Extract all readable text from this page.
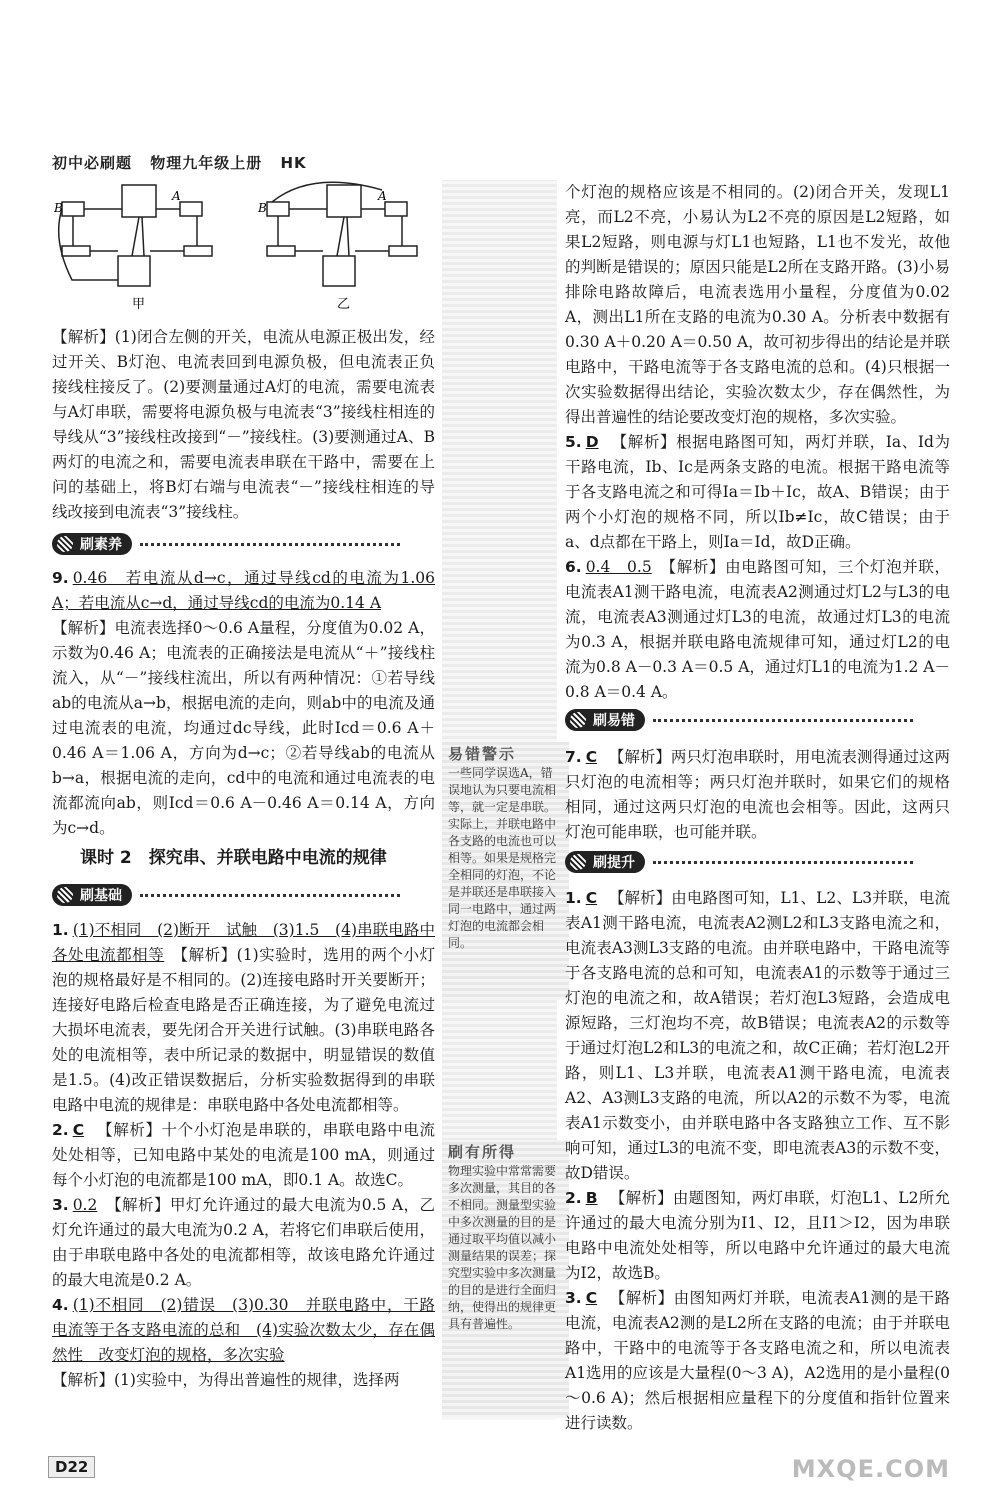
初中必刷题 物理九年级上册 HK
B
A
甲
B
A
乙

【解析】(1)闭合左侧的开关，电流从电源正极出发，经过开关、B灯泡、电流表回到电源负极，但电流表正负接线柱接反了。(2)要测量通过A灯的电流，需要电流表与A灯串联，需要将电源负极与电流表“3”接线柱相连的导线从“3”接线柱改接到“－”接线柱。(3)要测通过A、B两灯的电流之和，需要电流表串联在干路中，需要在上问的基础上，将B灯右端与电流表“－”接线柱相连的导线改接到电流表“3”接线柱。

刷素养

9. 0.46　若电流从d→c，通过导线cd的电流为1.06 A；若电流从c→d，通过导线cd的电流为0.14 A

【解析】电流表选择0～0.6 A量程，分度值为0.02 A，示数为0.46 A；电流表的正确接法是电流从“＋”接线柱流入，从“－”接线柱流出，所以有两种情况：①若导线ab的电流从a→b，根据电流的走向，则ab中的电流及通过电流表的电流，均通过dc导线，此时Icd＝0.6 A＋0.46 A＝1.06 A，方向为d→c；②若导线ab的电流从b→a，根据电流的走向，cd中的电流和通过电流表的电流都流向ab，则Icd＝0.6 A－0.46 A＝0.14 A，方向为c→d。

课时 2　探究串、并联电路中电流的规律
刷基础

1. (1)不相同　(2)断开　试触　(3)1.5　(4)串联电路中各处电流都相等　 【解析】(1)实验时，选用的两个小灯泡的规格最好是不相同的。(2)连接电路时开关要断开；连接好电路后检查电路是否正确连接，为了避免电流过大损坏电流表，要先闭合开关进行试触。(3)串联电路各处的电流相等，表中所记录的数据中，明显错误的数值是1.5。(4)改正错误数据后，分析实验数据得到的串联电路中电流的规律是：串联电路中各处电流都相等。

2. C　 【解析】十个小灯泡是串联的，串联电路中电流处处相等，已知电路中某处的电流是100 mA，则通过每个小灯泡的电流都是100 mA，即0.1 A。故选C。

3. 0.2　 【解析】甲灯允许通过的最大电流为0.5 A，乙灯允许通过的最大电流为0.2 A，若将它们串联后使用，由于串联电路中各处的电流都相等，故该电路允许通过的最大电流是0.2 A。

4. (1)不相同　(2)错误　(3)0.30　并联电路中，干路电流等于各支路电流的总和　(4)实验次数太少，存在偶然性　改变灯泡的规格，多次实验

【解析】(1)实验中，为得出普遍性的规律，选择两

易错警示
一些同学误选A，错误地认为只要电流相等，就一定是串联。实际上，并联电路中各支路的电流也可以相等。如果是规格完全相同的灯泡，不论是并联还是串联接入同一电路中，通过两灯泡的电流都会相同。
刷有所得
物理实验中常常需要多次测量，其目的各不相同。测量型实验中多次测量的目的是通过取平均值以减小测量结果的误差；探究型实验中多次测量的目的是进行全面归纳，使得出的规律更具有普遍性。

个灯泡的规格应该是不相同的。(2)闭合开关，发现L1亮，而L2不亮，小易认为L2不亮的原因是L2短路，如果L2短路，则电源与灯L1也短路，L1也不发光，故他的判断是错误的；原因只能是L2所在支路开路。(3)小易排除电路故障后，电流表选用小量程，分度值为0.02 A，测出L1所在支路的电流为0.30 A。分析表中数据有0.30 A＋0.20 A＝0.50 A，故可初步得出的结论是并联电路中，干路电流等于各支路电流的总和。(4)只根据一次实验数据得出结论，实验次数太少，存在偶然性，为得出普遍性的结论要改变灯泡的规格，多次实验。

5. D　 【解析】根据电路图可知，两灯并联，Ia、Id为干路电流，Ib、Ic是两条支路的电流。根据干路电流等于各支路电流之和可得Ia＝Ib＋Ic，故A、B错误；由于两个小灯泡的规格不同，所以Ib≠Ic，故C错误；由于a、d点都在干路上，则Ia＝Id，故D正确。

6. 0.4　0.5　 【解析】由电路图可知，三个灯泡并联，电流表A1测干路电流，电流表A2测通过灯L2与L3的电流，电流表A3测通过灯L3的电流，故通过灯L3的电流为0.3 A，根据并联电路电流规律可知，通过灯L2的电流为0.8 A－0.3 A＝0.5 A，通过灯L1的电流为1.2 A－0.8 A＝0.4 A。

刷易错

7. C　 【解析】两只灯泡串联时，用电流表测得通过这两只灯泡的电流相等；两只灯泡并联时，如果它们的规格相同，通过这两只灯泡的电流也会相等。因此，这两只灯泡可能串联，也可能并联。

刷提升

1. C　 【解析】由电路图可知，L1、L2、L3并联，电流表A1测干路电流，电流表A2测L2和L3支路电流之和，电流表A3测L3支路的电流。由并联电路中，干路电流等于各支路电流的总和可知，电流表A1的示数等于通过三灯泡的电流之和，故A错误；若灯泡L3短路，会造成电源短路，三灯泡均不亮，故B错误；电流表A2的示数等于通过灯泡L2和L3的电流之和，故C正确；若灯泡L2开路，则L1、L3并联，电流表A1测干路电流，电流表A2、A3测L3支路的电流，所以A2的示数不为零，电流表A1示数变小，由并联电路中各支路独立工作、互不影响可知，通过L3的电流不变，即电流表A3的示数不变，故D错误。

2. B　 【解析】由题图知，两灯串联，灯泡L1、L2所允许通过的最大电流分别为I1、I2，且I1＞I2，因为串联电路中电流处处相等，所以电路中允许通过的最大电流为I2，故选B。

3. C　 【解析】由图知两灯并联，电流表A1测的是干路电流，电流表A2测的是L2所在支路的电流；由于并联电路中，干路中的电流等于各支路电流之和，所以电流表A1选用的应该是大量程(0～3 A)，A2选用的是小量程(0～0.6 A)；然后根据相应量程下的分度值和指针位置来进行读数。

D22	MXQE.COM
